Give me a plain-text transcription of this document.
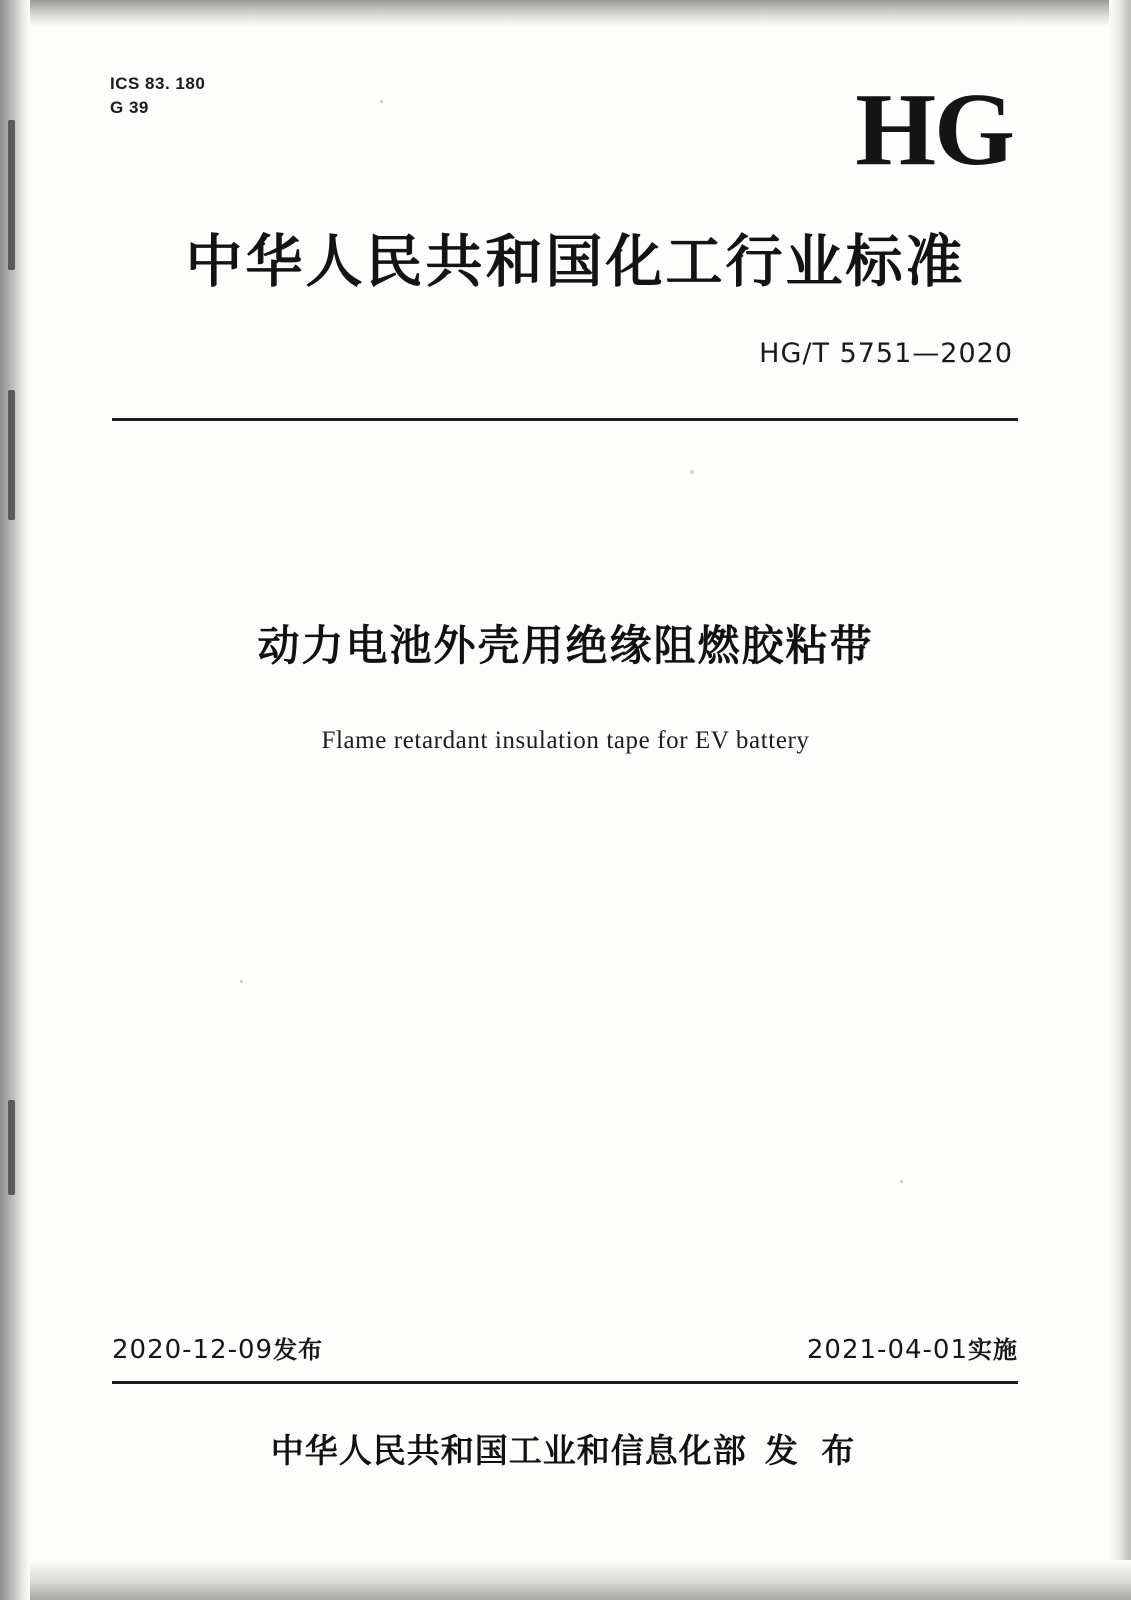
ICS 83. 180
G 39	HG
中华人民共和国化工行业标准
HG/T 5751—2020
动力电池外壳用绝缘阻燃胶粘带
Flame retardant insulation tape for EV battery
2020-12-09发布	2021-04-01实施
中华人民共和国工业和信息化部 发 布
